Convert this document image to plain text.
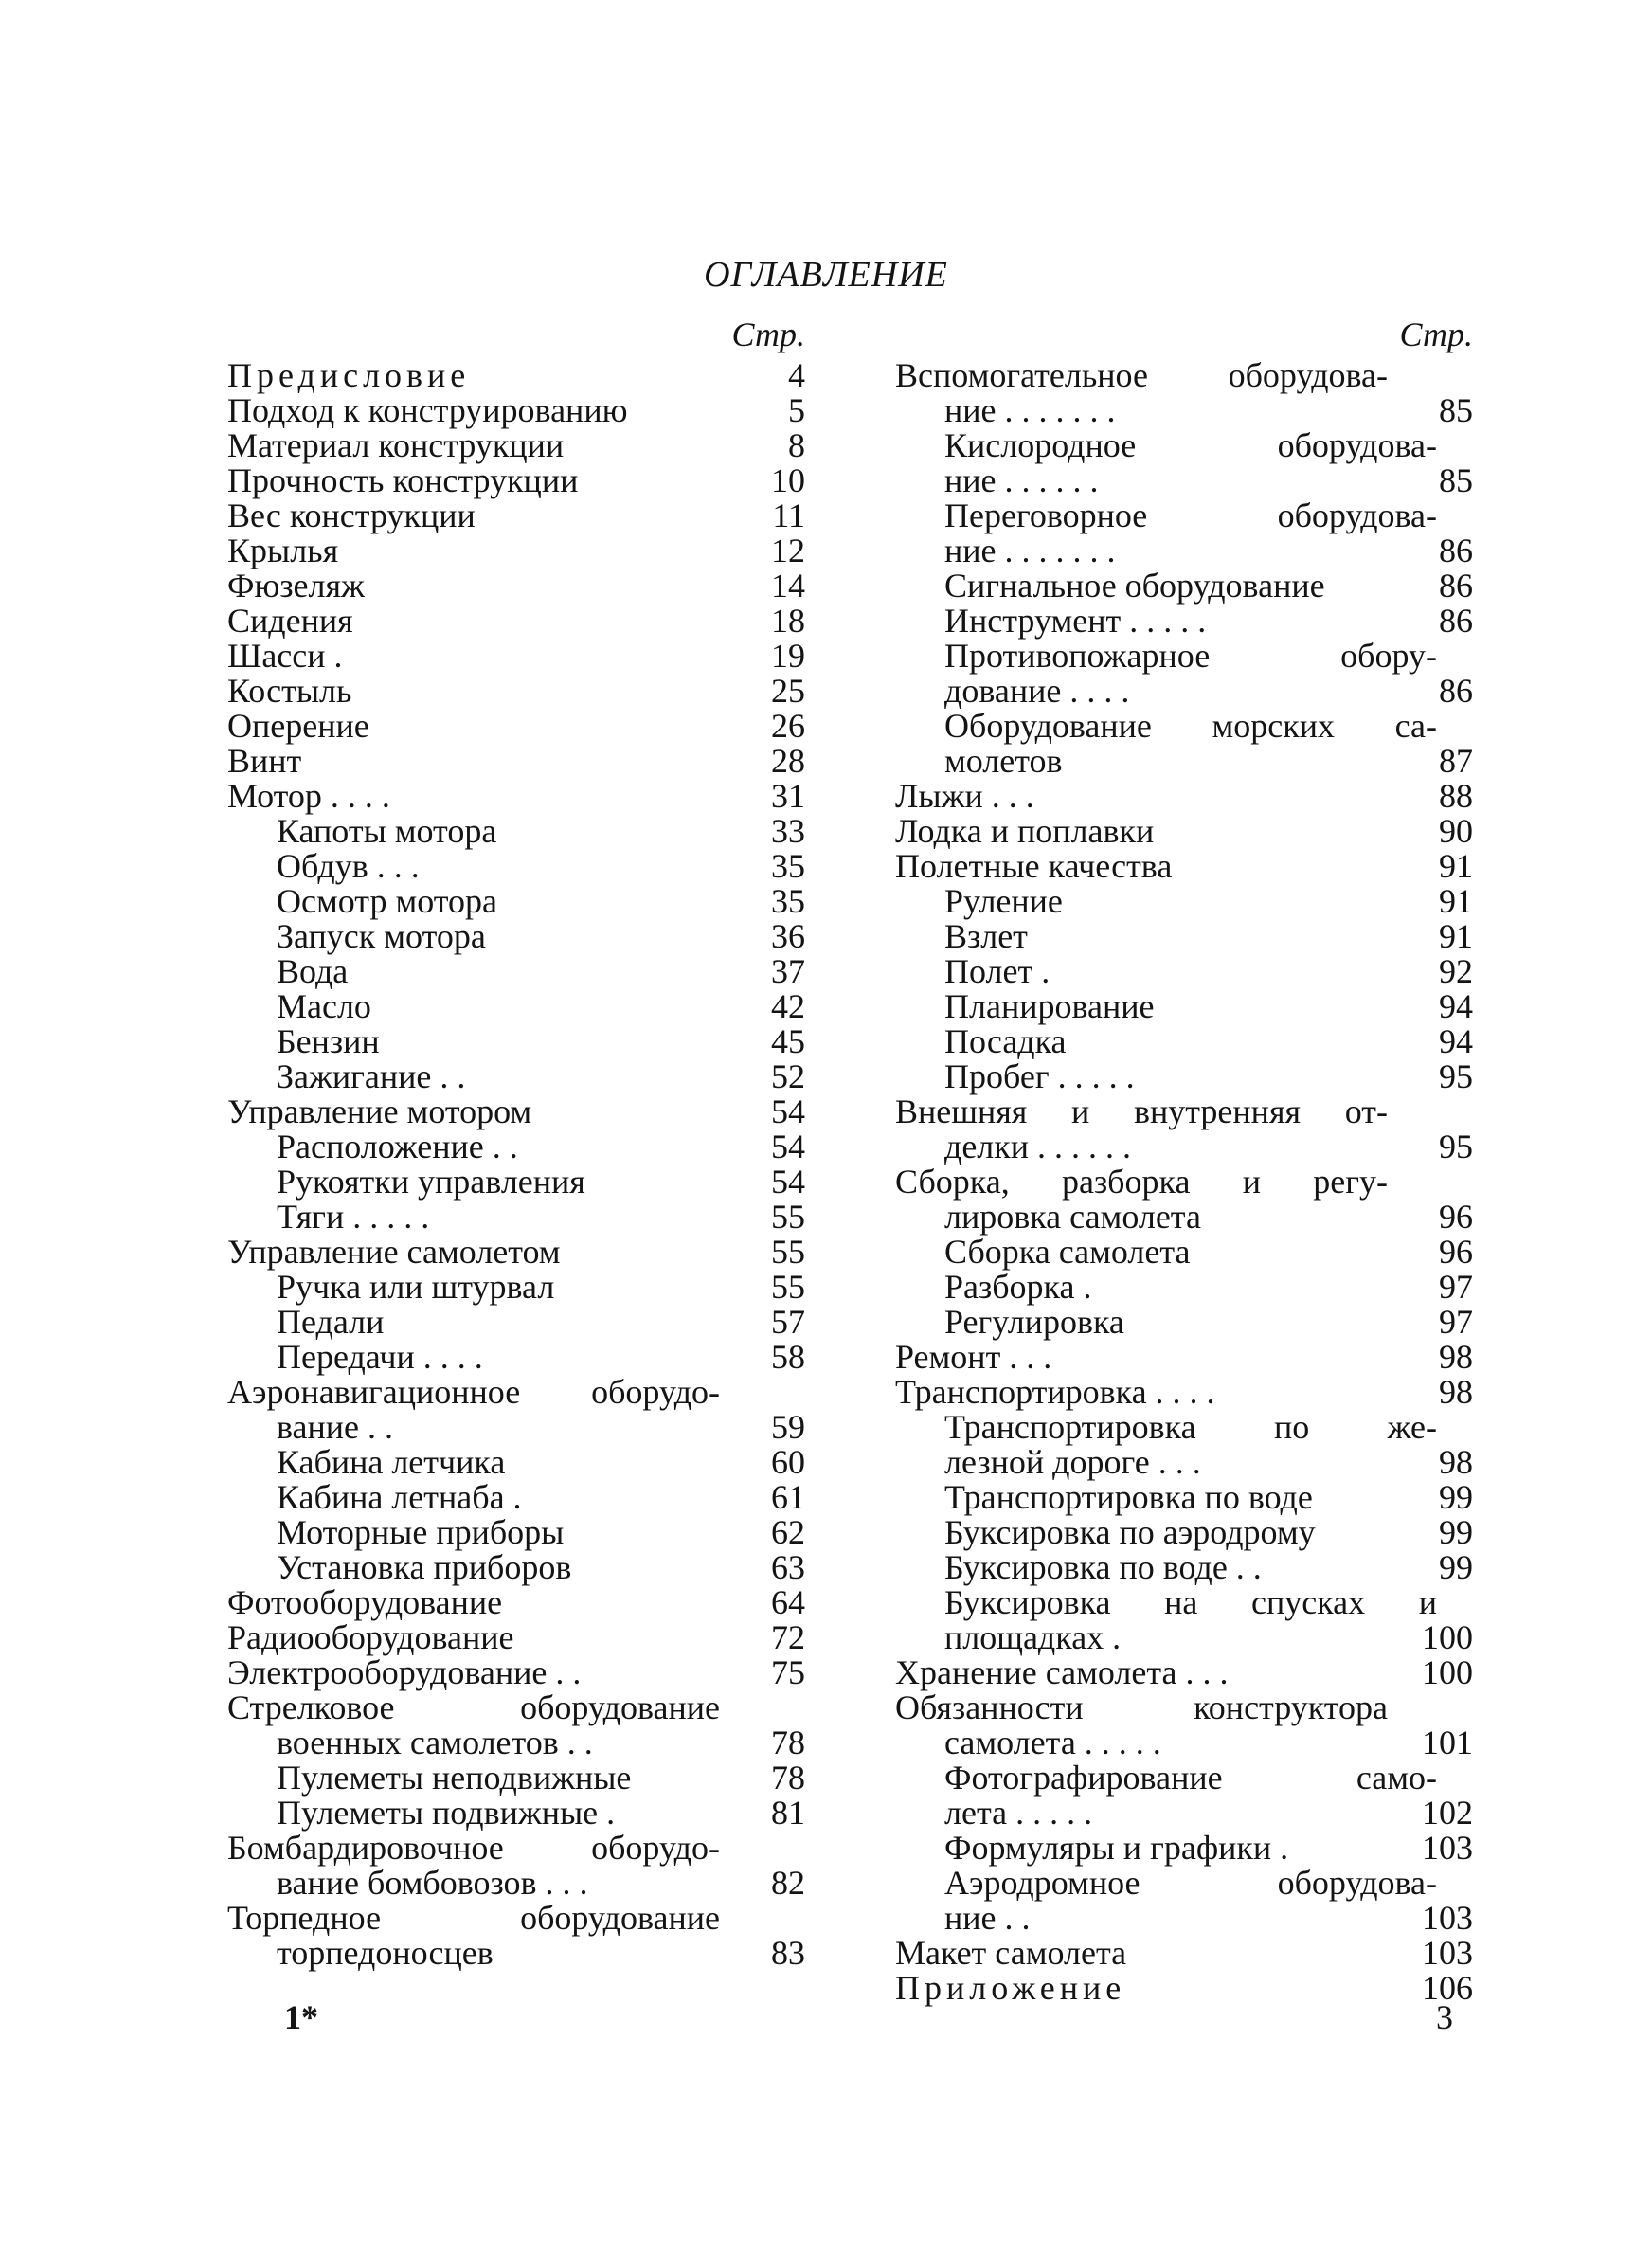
ОГЛАВЛЕНИЕ
Стр.
Предисловие	4
Подход к конструированию	5
Материал конструкции	8
Прочность конструкции	10
Вес конструкции	11
Крылья	12
Фюзеляж	14
Сидения	18
Шасси .	19
Костыль	25
Оперение	26
Винт	28
Мотор . . . .	31
Капоты мотора	33
Обдув . . .	35
Осмотр мотора	35
Запуск мотора	36
Вода	37
Масло	42
Бензин	45
Зажигание . .	52
Управление мотором	54
Расположение . .	54
Рукоятки управления	54
Тяги . . . . .	55
Управление самолетом	55
Ручка или штурвал	55
Педали	57
Передачи . . . .	58
Аэронавигационное оборудо-
вание . .	59
Кабина летчика	60
Кабина летнаба .	61
Моторные приборы	62
Установка приборов	63
Фотооборудование	64
Радиооборудование	72
Электрооборудование . .	75
Стрелковое оборудование
военных самолетов . .	78
Пулеметы неподвижные	78
Пулеметы подвижные .	81
Бомбардировочное оборудо-
вание бомбовозов . . .	82
Торпедное оборудование
торпедоносцев	83
Стр.
Вспомогательное оборудова-
ние . . . . . . .	85
Кислородное оборудова-
ние . . . . . .	85
Переговорное оборудова-
ние . . . . . . .	86
Сигнальное оборудование	86
Инструмент . . . . .	86
Противопожарное обору-
дование . . . .	86
Оборудование морских са-
молетов	87
Лыжи . . .	88
Лодка и поплавки	90
Полетные качества	91
Руление	91
Взлет	91
Полет .	92
Планирование	94
Посадка	94
Пробег . . . . .	95
Внешняя и внутренняя от-
делки . . . . . .	95
Сборка, разборка и регу-
лировка самолета	96
Сборка самолета	96
Разборка .	97
Регулировка	97
Ремонт . . .	98
Транспортировка . . . .	98
Транспортировка по же-
лезной дороге . . .	98
Транспортировка по воде	99
Буксировка по аэродрому	99
Буксировка по воде . .	99
Буксировка на спусках и
площадках .	100
Хранение самолета . . .	100
Обязанности конструктора
самолета . . . . .	101
Фотографирование само-
лета . . . . .	102
Формуляры и графики .	103
Аэродромное оборудова-
ние . .	103
Макет самолета	103
Приложение	106
1*	3
